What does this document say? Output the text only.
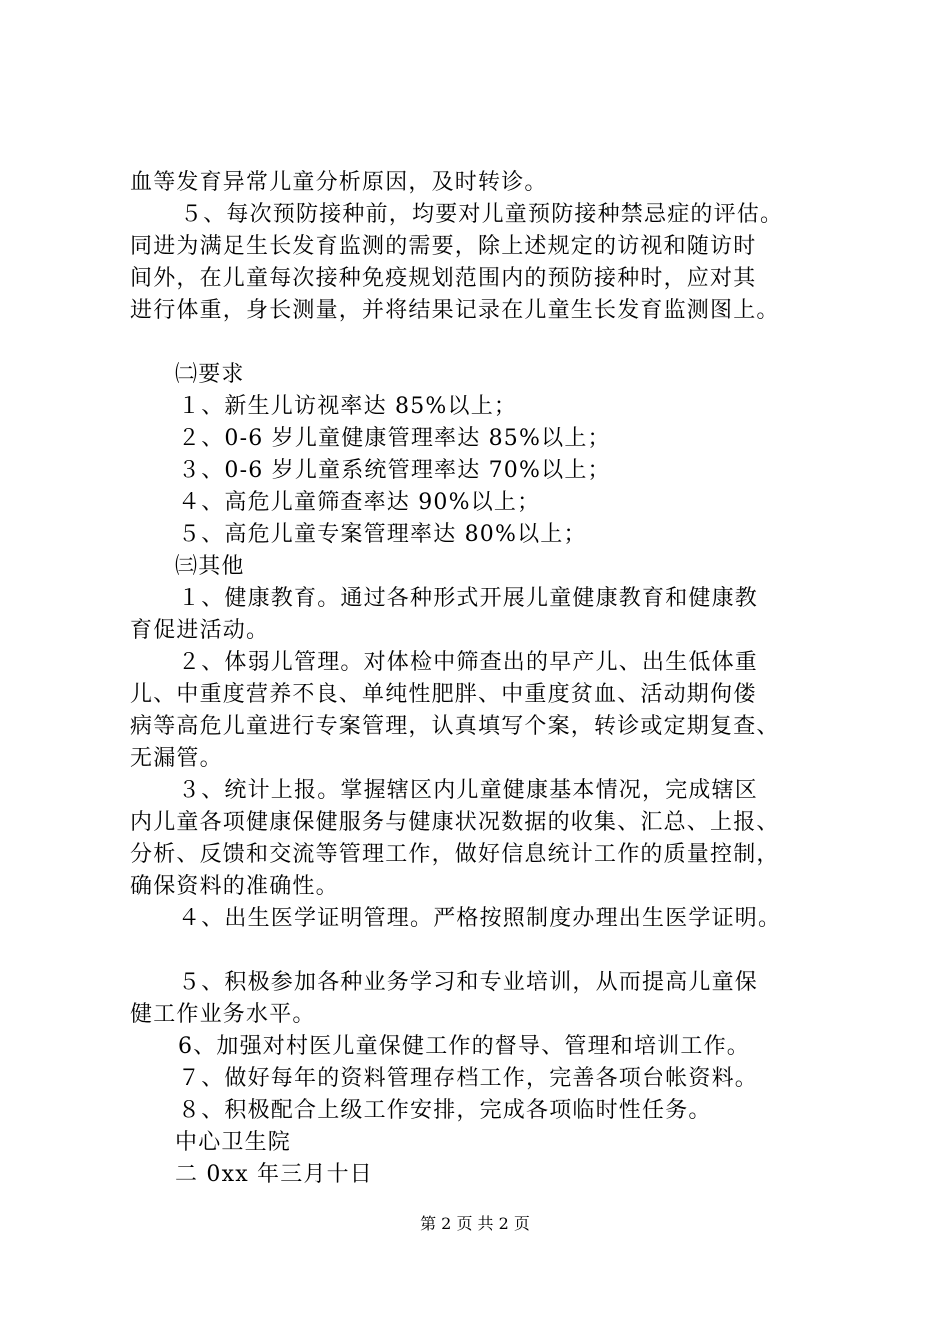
血等发育异常儿童分析原因，及时转诊。
５、每次预防接种前，均要对儿童预防接种禁忌症的评估。
同进为满足生长发育监测的需要，除上述规定的访视和随访时
间外，在儿童每次接种免疫规划范围内的预防接种时，应对其
进行体重，身长测量，并将结果记录在儿童生长发育监测图上。
㈡要求
１、新生儿访视率达 85%以上；
２、0-6 岁儿童健康管理率达 85%以上；
３、0-6 岁儿童系统管理率达 70%以上；
４、高危儿童筛查率达 90%以上；
５、高危儿童专案管理率达 80%以上；
㈢其他
１、健康教育。通过各种形式开展儿童健康教育和健康教
育促进活动。
２、体弱儿管理。对体检中筛查出的早产儿、出生低体重
儿、中重度营养不良、单纯性肥胖、中重度贫血、活动期佝偻
病等高危儿童进行专案管理，认真填写个案，转诊或定期复查、
无漏管。
３、统计上报。掌握辖区内儿童健康基本情况，完成辖区
内儿童各项健康保健服务与健康状况数据的收集、汇总、上报、
分析、反馈和交流等管理工作，做好信息统计工作的质量控制，
确保资料的准确性。
４、出生医学证明管理。严格按照制度办理出生医学证明。
５、积极参加各种业务学习和专业培训，从而提高儿童保
健工作业务水平。
6、加强对村医儿童保健工作的督导、管理和培训工作。
７、做好每年的资料管理存档工作，完善各项台帐资料。
８、积极配合上级工作安排，完成各项临时性任务。
中心卫生院
二 0xx 年三月十日
第 2 页 共 2 页
